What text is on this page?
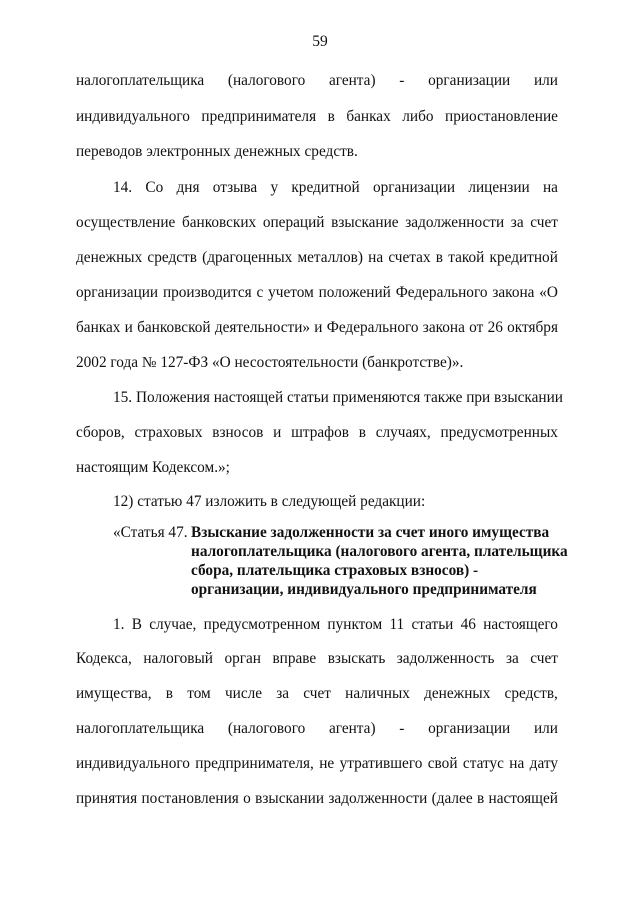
59
налогоплательщика (налогового агента) - организации или
индивидуального предпринимателя в банках либо приостановление
переводов электронных денежных средств.
14. Со дня отзыва у кредитной организации лицензии на
осуществление банковских операций взыскание задолженности за счет
денежных средств (драгоценных металлов) на счетах в такой кредитной
организации производится с учетом положений Федерального закона «О
банках и банковской деятельности» и Федерального закона от 26 октября
2002 года № 127-ФЗ «О несостоятельности (банкротстве)».
15. Положения настоящей статьи применяются также при взыскании
сборов, страховых взносов и штрафов в случаях, предусмотренных
настоящим Кодексом.»;
12) статью 47 изложить в следующей редакции:
«Статья 47. Взыскание задолженности за счет иного имущества
налогоплательщика (налогового агента, плательщика
сбора, плательщика страховых взносов) -
организации, индивидуального предпринимателя
1. В случае, предусмотренном пунктом 11 статьи 46 настоящего
Кодекса, налоговый орган вправе взыскать задолженность за счет
имущества, в том числе за счет наличных денежных средств,
налогоплательщика (налогового агента) - организации или
индивидуального предпринимателя, не утратившего свой статус на дату
принятия постановления о взыскании задолженности (далее в настоящей
